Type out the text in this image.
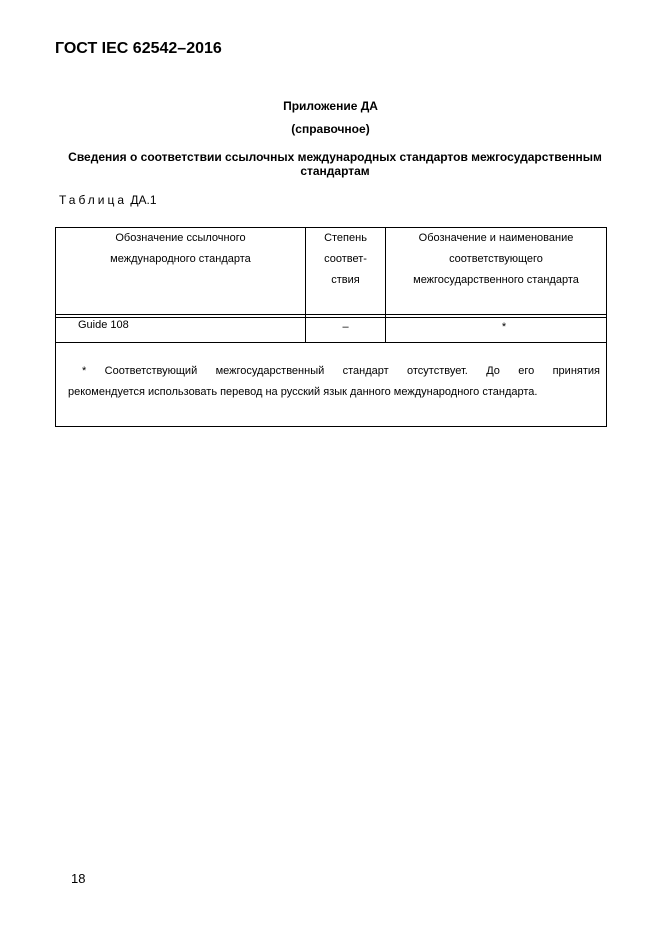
ГОСТ IEC 62542–2016
Приложение ДА
(справочное)
Сведения о соответствии ссылочных международных стандартов межгосударственным
стандартам
Таблица ДА.1
Обозначение ссылочного
международного стандарта
Степень
соответ-
ствия
Обозначение и наименование
соответствующего
межгосударственного стандарта
Guide 108	–	*

* Соответствующий межгосударственный стандарт отсутствует. До его принятия

рекомендуется использовать перевод на русский язык данного международного стандарта.

18
